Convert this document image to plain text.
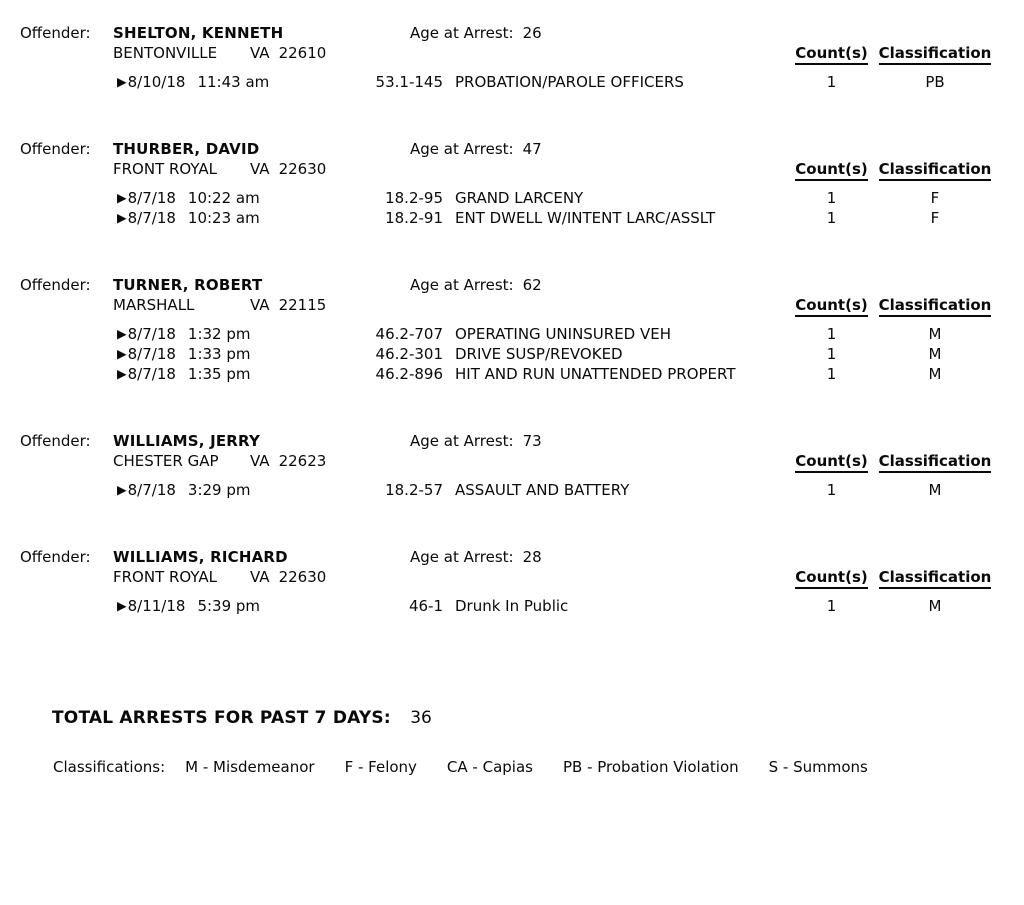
Offender:	SHELTON, KENNETH	Age at Arrest: 26
BENTONVILLE	VA 22610	Count(s) Classification
▶8/10/18 11:43 am	53.1-145 PROBATION/PAROLE OFFICERS	1	PB
Offender:	THURBER, DAVID	Age at Arrest: 47
FRONT ROYAL	VA 22630	Count(s) Classification
▶8/7/18 10:22 am	18.2-95 GRAND LARCENY	1	F
▶8/7/18 10:23 am	18.2-91 ENT DWELL W/INTENT LARC/ASSLT	1	F
Offender:	TURNER, ROBERT	Age at Arrest: 62
MARSHALL	VA 22115	Count(s) Classification
▶8/7/18 1:32 pm	46.2-707 OPERATING UNINSURED VEH	1	M
▶8/7/18 1:33 pm	46.2-301 DRIVE SUSP/REVOKED	1	M
▶8/7/18 1:35 pm	46.2-896 HIT AND RUN UNATTENDED PROPERT	1	M
Offender:	WILLIAMS, JERRY	Age at Arrest: 73
CHESTER GAP	VA 22623	Count(s) Classification
▶8/7/18 3:29 pm	18.2-57 ASSAULT AND BATTERY	1	M
Offender:	WILLIAMS, RICHARD	Age at Arrest: 28
FRONT ROYAL	VA 22630	Count(s) Classification
▶8/11/18 5:39 pm	46-1 Drunk In Public	1	M
TOTAL ARRESTS FOR PAST 7 DAYS: 36
Classifications: M - Misdemeanor F - Felony CA - Capias PB - Probation Violation S - Summons
